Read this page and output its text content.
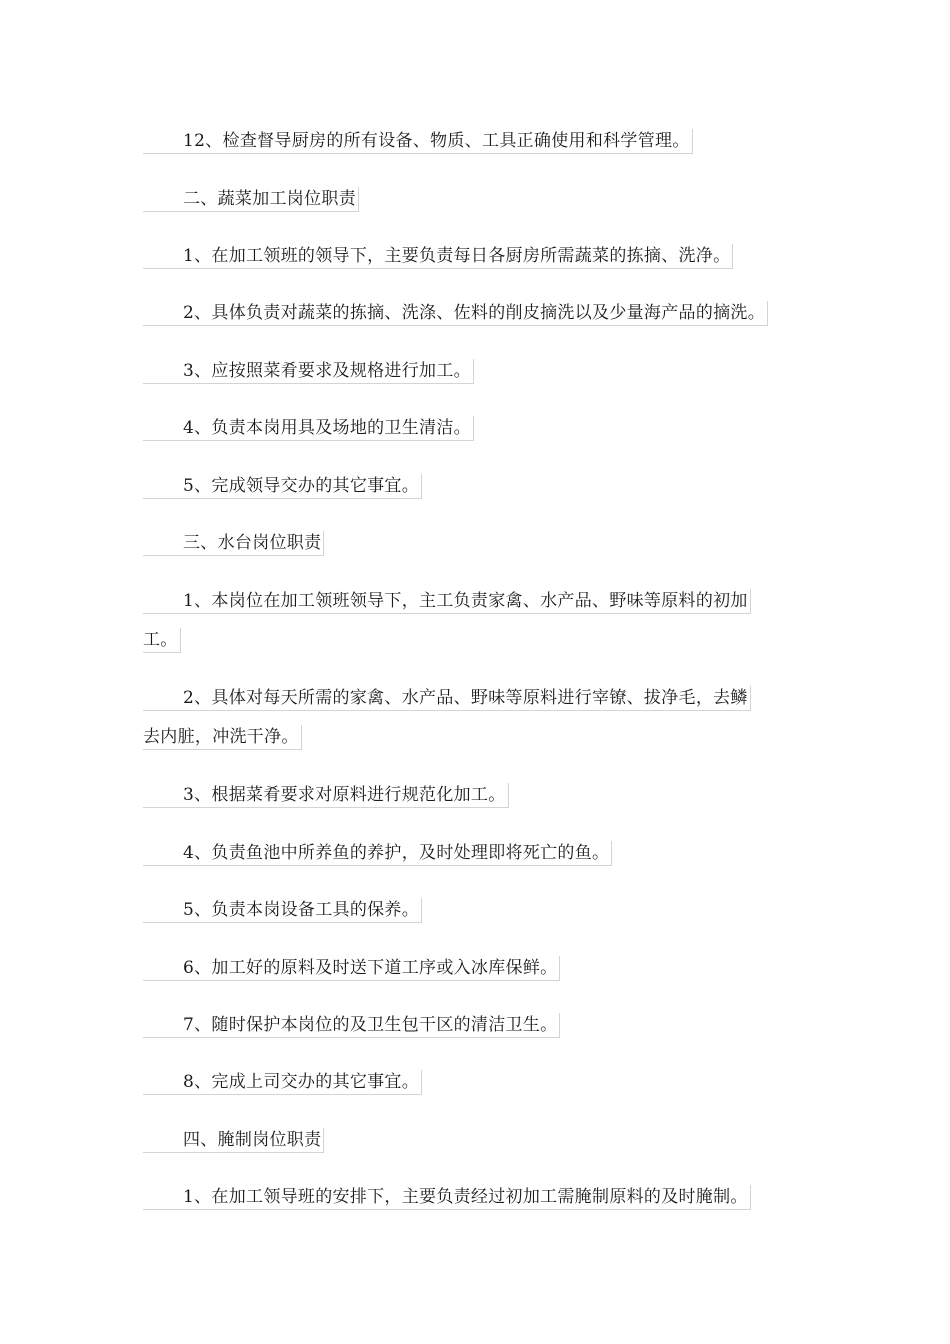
12、检查督导厨房的所有设备、物质、工具正确使用和科学管理。
二、蔬菜加工岗位职责
1、在加工领班的领导下，主要负责每日各厨房所需蔬菜的拣摘、洗净。
2、具体负责对蔬菜的拣摘、洗涤、佐料的削皮摘洗以及少量海产品的摘洗。
3、应按照菜肴要求及规格进行加工。
4、负责本岗用具及场地的卫生清洁。
5、完成领导交办的其它事宜。
三、水台岗位职责
1、本岗位在加工领班领导下，主工负责家禽、水产品、野味等原料的初加
工。
2、具体对每天所需的家禽、水产品、野味等原料进行宰镣、拔净毛，去鳞
去内脏，冲洗干净。
3、根据菜肴要求对原料进行规范化加工。
4、负责鱼池中所养鱼的养护，及时处理即将死亡的鱼。
5、负责本岗设备工具的保养。
6、加工好的原料及时送下道工序或入冰库保鲜。
7、随时保护本岗位的及卫生包干区的清洁卫生。
8、完成上司交办的其它事宜。
四、腌制岗位职责
1、在加工领导班的安排下，主要负责经过初加工需腌制原料的及时腌制。
